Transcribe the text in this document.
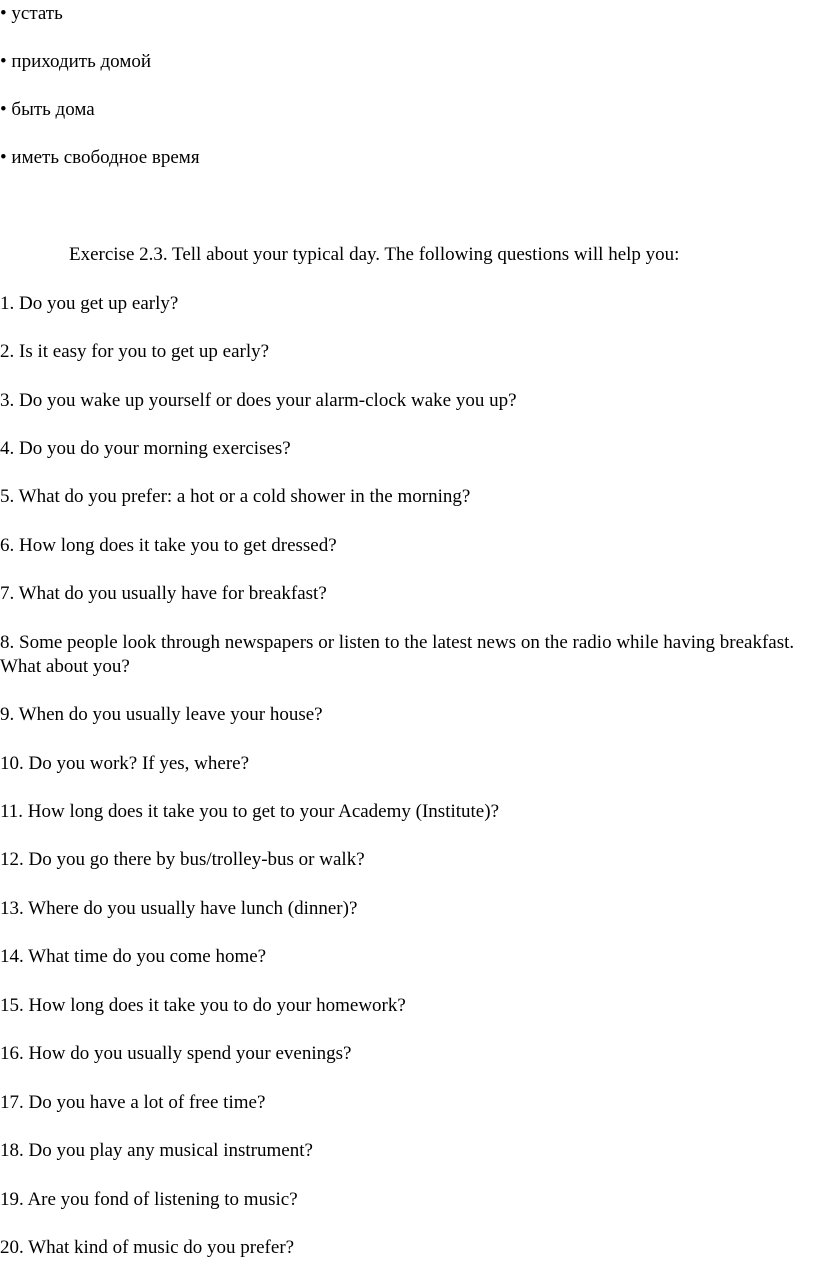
• устать

• приходить домой

• быть дома

• иметь свободное время

Exercise 2.3. Tell about your typical day. The following questions will help you:

1. Do you get up early?

2. Is it easy for you to get up early?

3. Do you wake up yourself or does your alarm-clock wake you up?

4. Do you do your morning exercises?

5. What do you prefer: a hot or a cold shower in the morning?

6. How long does it take you to get dressed?

7. What do you usually have for breakfast?

8. Some people look through newspapers or listen to the latest news on the radio while having breakfast. What about you?

9. When do you usually leave your house?

10. Do you work? If yes, where?

11. How long does it take you to get to your Academy (Institute)?

12. Do you go there by bus/trolley-bus or walk?

13. Where do you usually have lunch (dinner)?

14. What time do you come home?

15. How long does it take you to do your homework?

16. How do you usually spend your evenings?

17. Do you have a lot of free time?

18. Do you play any musical instrument?

19. Are you fond of listening to music?

20. What kind of music do you prefer?
